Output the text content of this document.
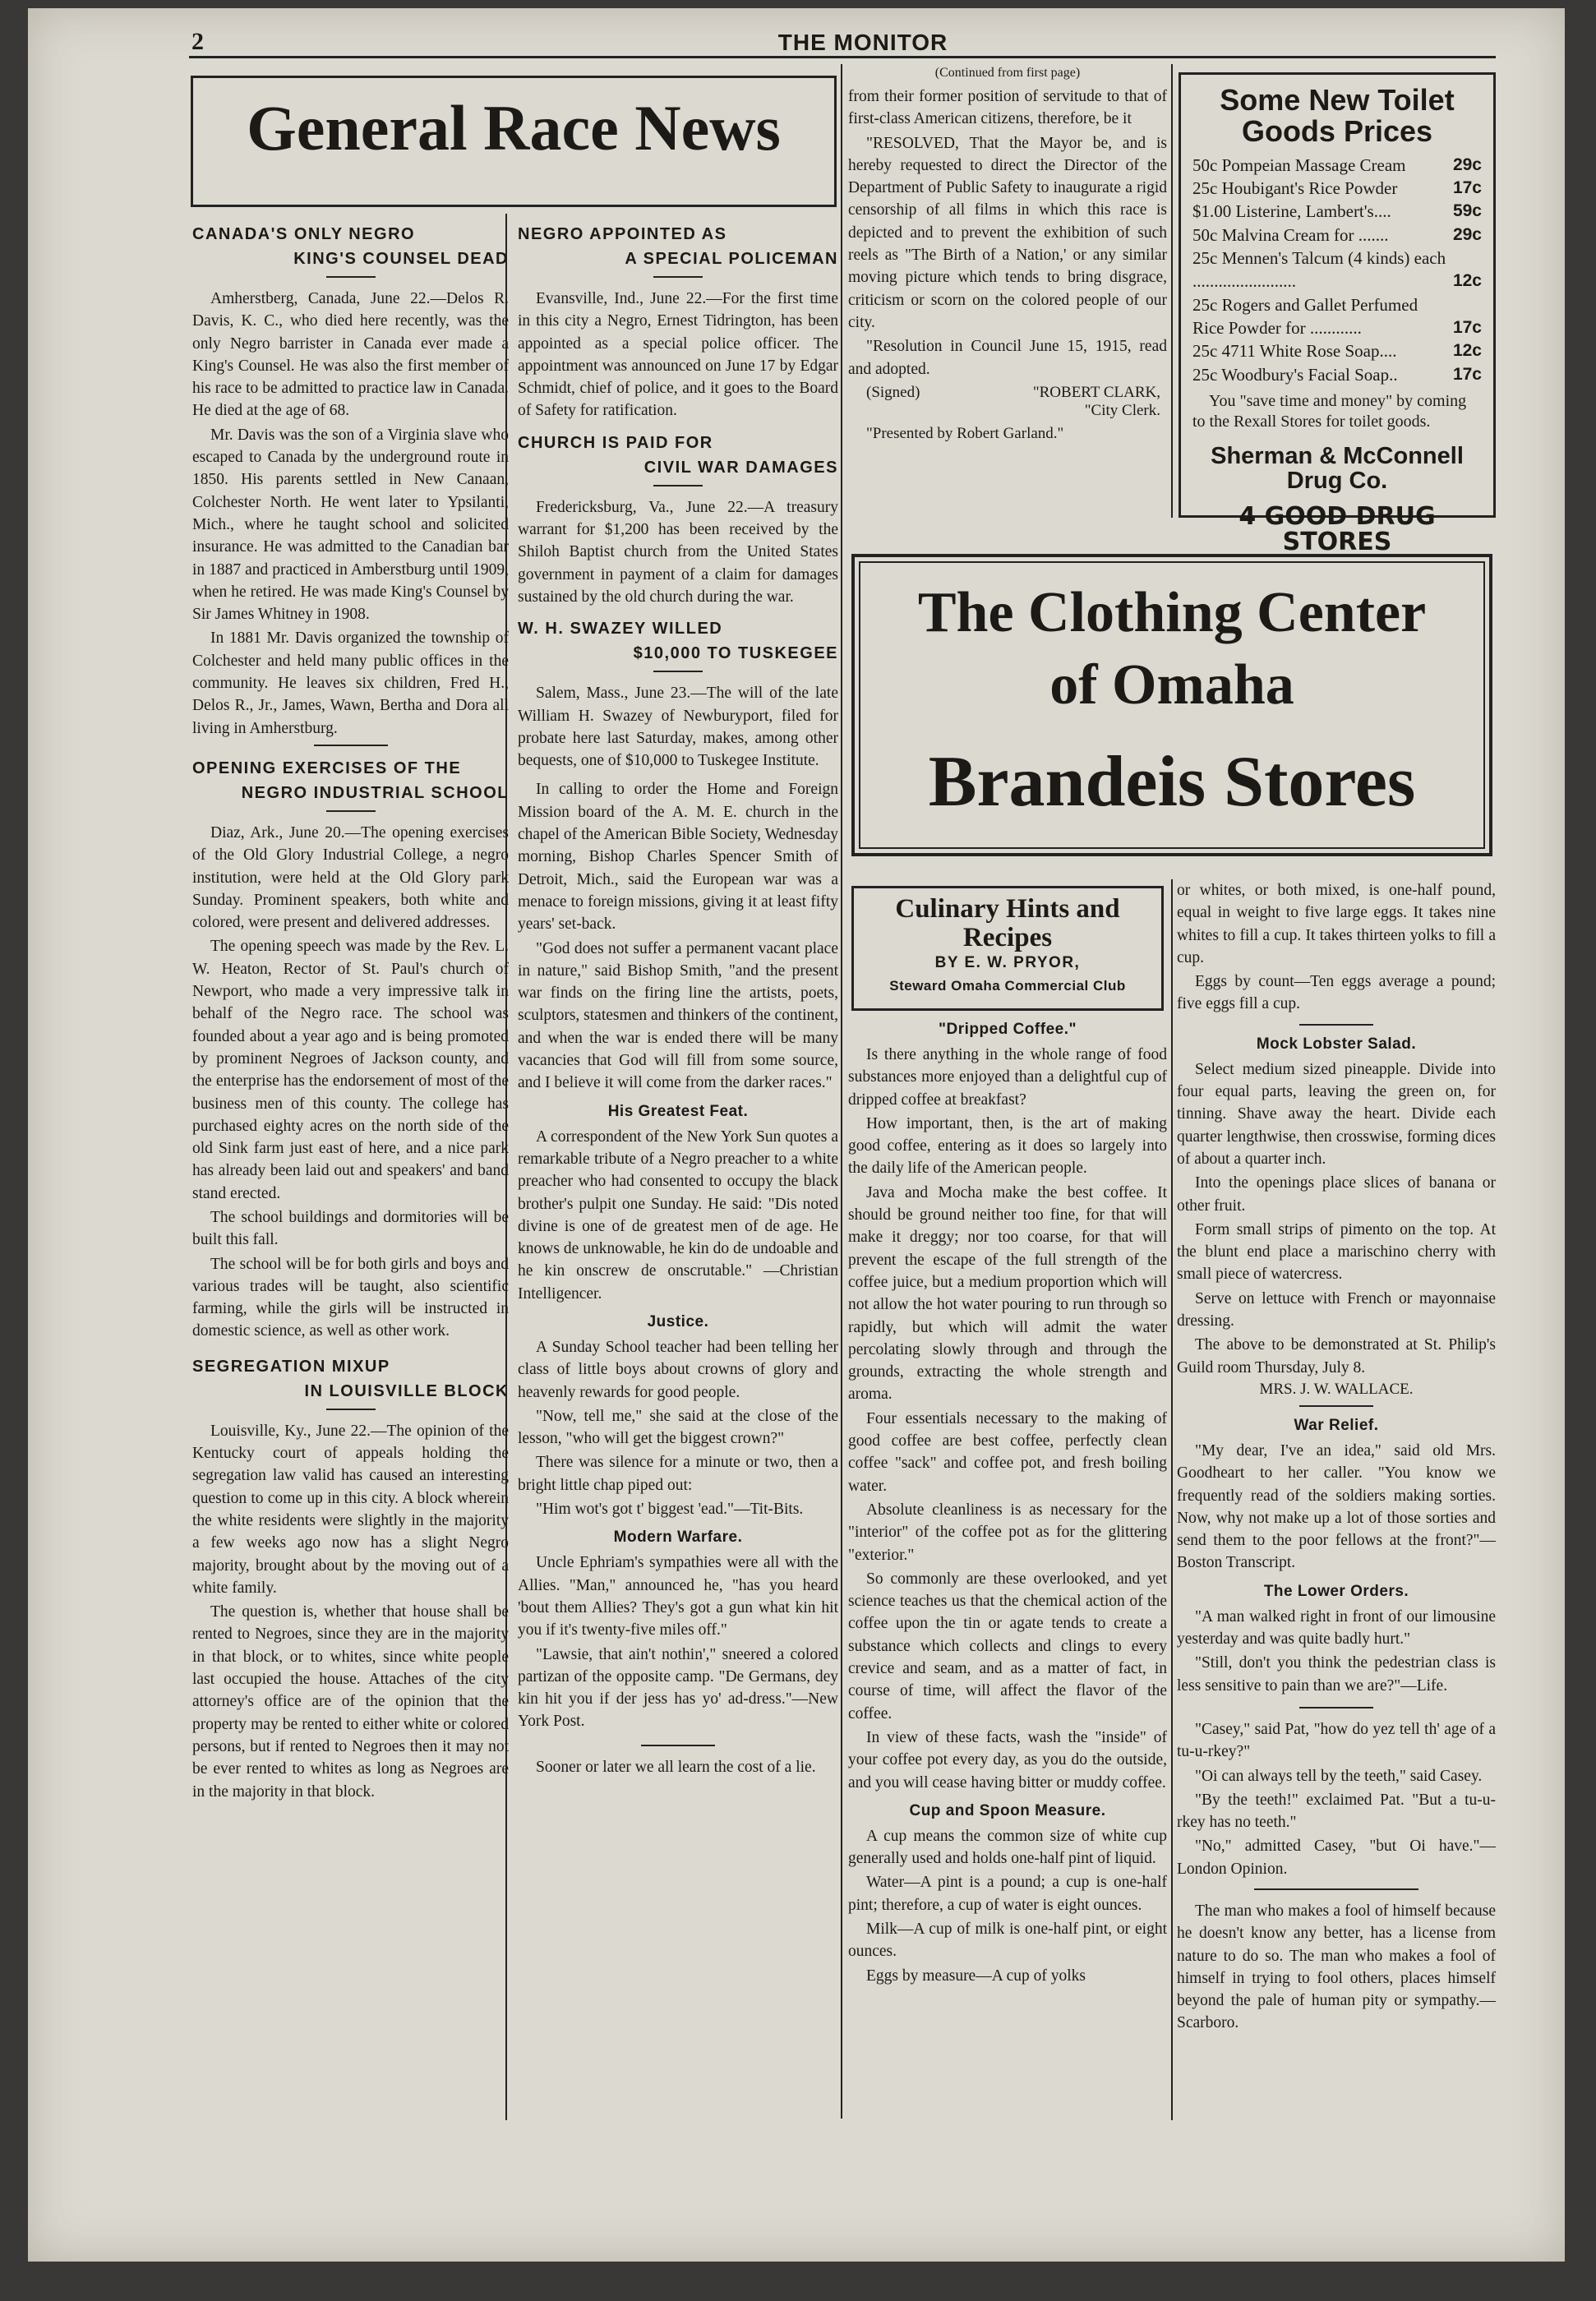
2	THE MONITOR
General Race News
CANADA'S ONLY NEGRO
KING'S COUNSEL DEAD

Amherstberg, Canada, June 22.—Delos R. Davis, K. C., who died here recently, was the only Negro barrister in Canada ever made a King's Counsel. He was also the first member of his race to be admitted to practice law in Canada. He died at the age of 68.

Mr. Davis was the son of a Virginia slave who escaped to Canada by the underground route in 1850. His parents settled in New Canaan, Colchester North. He went later to Ypsilanti, Mich., where he taught school and solicited insurance. He was admitted to the Canadian bar in 1887 and practiced in Amberstburg until 1909, when he retired. He was made King's Counsel by Sir James Whitney in 1908.

In 1881 Mr. Davis organized the township of Colchester and held many public offices in the community. He leaves six children, Fred H., Delos R., Jr., James, Wawn, Bertha and Dora all living in Amherstburg.

OPENING EXERCISES OF THE
NEGRO INDUSTRIAL SCHOOL

Diaz, Ark., June 20.—The opening exercises of the Old Glory Industrial College, a negro institution, were held at the Old Glory park Sunday. Prominent speakers, both white and colored, were present and delivered addresses.

The opening speech was made by the Rev. L. W. Heaton, Rector of St. Paul's church of Newport, who made a very impressive talk in behalf of the Negro race. The school was founded about a year ago and is being promoted by prominent Negroes of Jackson county, and the enterprise has the endorsement of most of the business men of this county. The college has purchased eighty acres on the north side of the old Sink farm just east of here, and a nice park has already been laid out and speakers' and band stand erected.

The school buildings and dormitories will be built this fall.

The school will be for both girls and boys and various trades will be taught, also scientific farming, while the girls will be instructed in domestic science, as well as other work.

SEGREGATION MIXUP
IN LOUISVILLE BLOCK

Louisville, Ky., June 22.—The opinion of the Kentucky court of appeals holding the segregation law valid has caused an interesting question to come up in this city. A block wherein the white residents were slightly in the majority a few weeks ago now has a slight Negro majority, brought about by the moving out of a white family.

The question is, whether that house shall be rented to Negroes, since they are in the majority in that block, or to whites, since white people last occupied the house. Attaches of the city attorney's office are of the opinion that the property may be rented to either white or colored persons, but if rented to Negroes then it may not be ever rented to whites as long as Negroes are in the majority in that block.

NEGRO APPOINTED AS
A SPECIAL POLICEMAN

Evansville, Ind., June 22.—For the first time in this city a Negro, Ernest Tidrington, has been appointed as a special police officer. The appointment was announced on June 17 by Edgar Schmidt, chief of police, and it goes to the Board of Safety for ratification.

CHURCH IS PAID FOR
CIVIL WAR DAMAGES

Fredericksburg, Va., June 22.—A treasury warrant for $1,200 has been received by the Shiloh Baptist church from the United States government in payment of a claim for damages sustained by the old church during the war.

W. H. SWAZEY WILLED
$10,000 TO TUSKEGEE

Salem, Mass., June 23.—The will of the late William H. Swazey of Newburyport, filed for probate here last Saturday, makes, among other bequests, one of $10,000 to Tuskegee Institute.

In calling to order the Home and Foreign Mission board of the A. M. E. church in the chapel of the American Bible Society, Wednesday morning, Bishop Charles Spencer Smith of Detroit, Mich., said the European war was a menace to foreign missions, giving it at least fifty years' set-back.

"God does not suffer a permanent vacant place in nature," said Bishop Smith, "and the present war finds on the firing line the artists, poets, sculptors, statesmen and thinkers of the continent, and when the war is ended there will be many vacancies that God will fill from some source, and I believe it will come from the darker races."

His Greatest Feat.

A correspondent of the New York Sun quotes a remarkable tribute of a Negro preacher to a white preacher who had consented to occupy the black brother's pulpit one Sunday. He said: "Dis noted divine is one of de greatest men of de age. He knows de unknowable, he kin do de undoable and he kin onscrew de onscrutable." —Christian Intelligencer.

Justice.

A Sunday School teacher had been telling her class of little boys about crowns of glory and heavenly rewards for good people.

"Now, tell me," she said at the close of the lesson, "who will get the biggest crown?"

There was silence for a minute or two, then a bright little chap piped out:

"Him wot's got t' biggest 'ead."—Tit-Bits.

Modern Warfare.

Uncle Ephriam's sympathies were all with the Allies. "Man," announced he, "has you heard 'bout them Allies? They's got a gun what kin hit you if it's twenty-five miles off."

"Lawsie, that ain't nothin'," sneered a colored partizan of the opposite camp. "De Germans, dey kin hit you if der jess has yo' ad-dress."—New York Post.

Sooner or later we all learn the cost of a lie.

(Continued from first page)

from their former position of servitude to that of first-class American citizens, therefore, be it

"RESOLVED, That the Mayor be, and is hereby requested to direct the Director of the Department of Public Safety to inaugurate a rigid censorship of all films in which this race is depicted and to prevent the exhibition of such reels as "The Birth of a Nation,' or any similar moving picture which tends to bring disgrace, criticism or scorn on the colored people of our city.

"Resolution in Council June 15, 1915, read and adopted.

(Signed)	"ROBERT CLARK,
"City Clerk.
"Presented by Robert Garland."
Some New Toilet
Goods Prices
50c Pompeian Massage Cream	29c
25c Houbigant's Rice Powder	17c
$1.00 Listerine, Lambert's....	59c
50c Malvina Cream for .......	29c
25c Mennen's Talcum (4 kinds) each ........................	12c
25c Rogers and Gallet Perfumed Rice Powder for ............	17c
25c 4711 White Rose Soap....	12c
25c Woodbury's Facial Soap..	17c
You "save time and money" by coming to the Rexall Stores for toilet goods.
Sherman & McConnell
Drug Co.
4 GOOD DRUG STORES
The Clothing Center
of Omaha
Brandeis Stores
Culinary Hints and
Recipes
BY E. W. PRYOR,
Steward Omaha Commercial Club
"Dripped Coffee."

Is there anything in the whole range of food substances more enjoyed than a delightful cup of dripped coffee at breakfast?

How important, then, is the art of making good coffee, entering as it does so largely into the daily life of the American people.

Java and Mocha make the best coffee. It should be ground neither too fine, for that will make it dreggy; nor too coarse, for that will prevent the escape of the full strength of the coffee juice, but a medium proportion which will not allow the hot water pouring to run through so rapidly, but which will admit the water percolating slowly through and through the grounds, extracting the whole strength and aroma.

Four essentials necessary to the making of good coffee are best coffee, perfectly clean coffee "sack" and coffee pot, and fresh boiling water.

Absolute cleanliness is as necessary for the "interior" of the coffee pot as for the glittering "exterior."

So commonly are these overlooked, and yet science teaches us that the chemical action of the coffee upon the tin or agate tends to create a substance which collects and clings to every crevice and seam, and as a matter of fact, in course of time, will affect the flavor of the coffee.

In view of these facts, wash the "inside" of your coffee pot every day, as you do the outside, and you will cease having bitter or muddy coffee.

Cup and Spoon Measure.

A cup means the common size of white cup generally used and holds one-half pint of liquid.

Water—A pint is a pound; a cup is one-half pint; therefore, a cup of water is eight ounces.

Milk—A cup of milk is one-half pint, or eight ounces.

Eggs by measure—A cup of yolks

or whites, or both mixed, is one-half pound, equal in weight to five large eggs. It takes nine whites to fill a cup. It takes thirteen yolks to fill a cup.

Eggs by count—Ten eggs average a pound; five eggs fill a cup.

Mock Lobster Salad.

Select medium sized pineapple. Divide into four equal parts, leaving the green on, for tinning. Shave away the heart. Divide each quarter lengthwise, then crosswise, forming dices of about a quarter inch.

Into the openings place slices of banana or other fruit.

Form small strips of pimento on the top. At the blunt end place a marischino cherry with small piece of watercress.

Serve on lettuce with French or mayonnaise dressing.

The above to be demonstrated at St. Philip's Guild room Thursday, July 8.

MRS. J. W. WALLACE.
War Relief.

"My dear, I've an idea," said old Mrs. Goodheart to her caller. "You know we frequently read of the soldiers making sorties. Now, why not make up a lot of those sorties and send them to the poor fellows at the front?"—Boston Transcript.

The Lower Orders.

"A man walked right in front of our limousine yesterday and was quite badly hurt."

"Still, don't you think the pedestrian class is less sensitive to pain than we are?"—Life.

"Casey," said Pat, "how do yez tell th' age of a tu-u-rkey?"

"Oi can always tell by the teeth," said Casey.

"By the teeth!" exclaimed Pat. "But a tu-u-rkey has no teeth."

"No," admitted Casey, "but Oi have."—London Opinion.

The man who makes a fool of himself because he doesn't know any better, has a license from nature to do so. The man who makes a fool of himself in trying to fool others, places himself beyond the pale of human pity or sympathy.—Scarboro.
